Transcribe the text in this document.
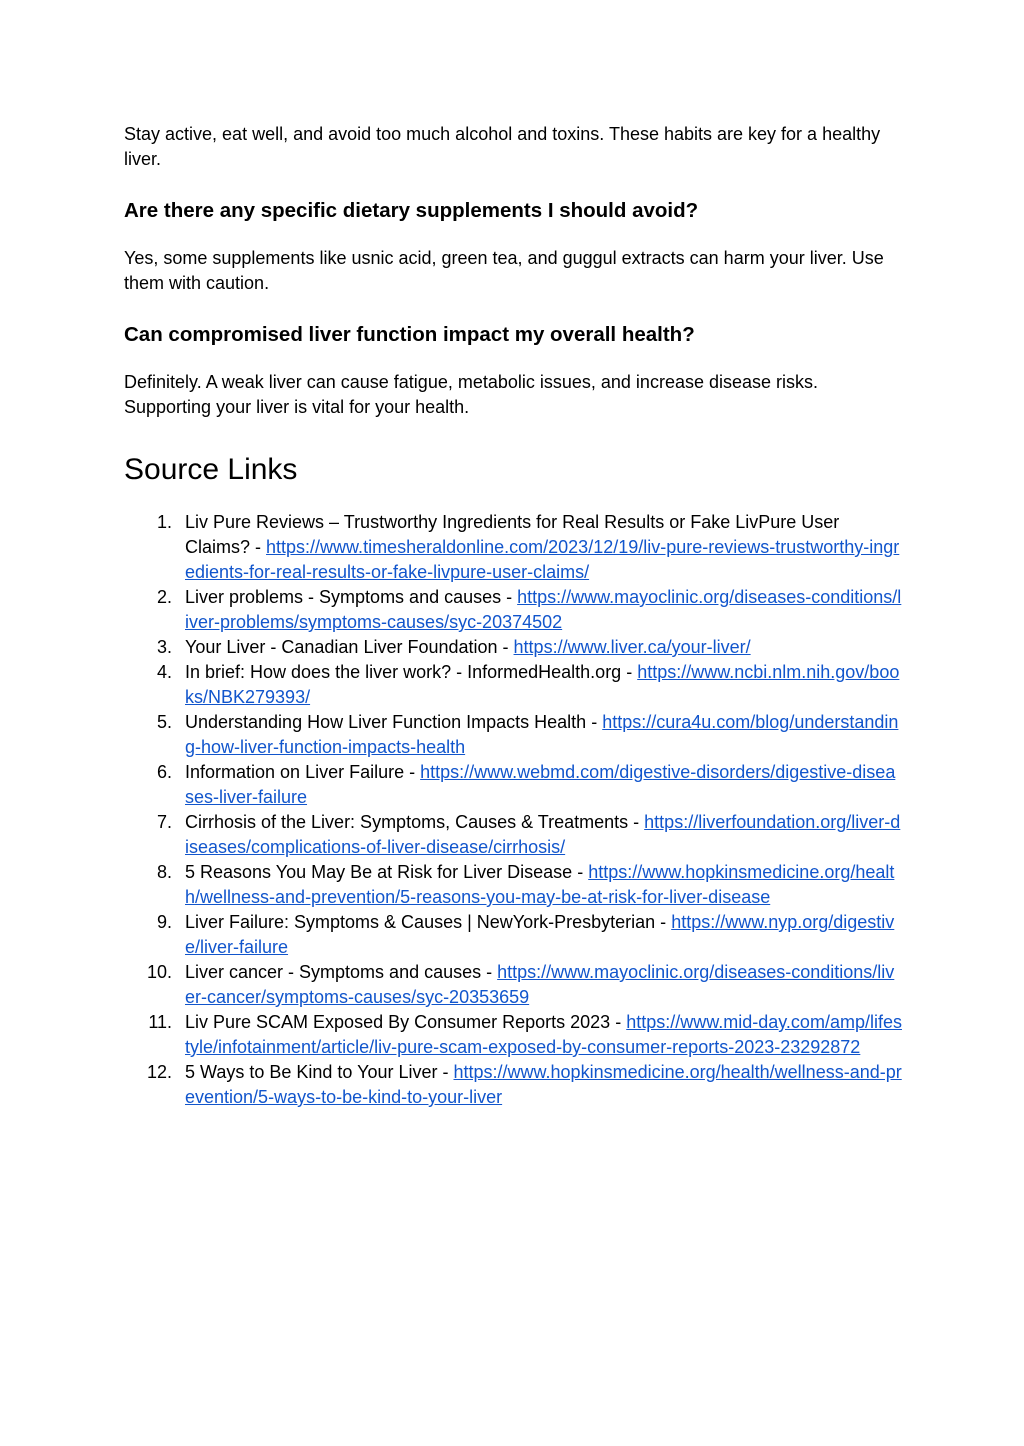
Stay active, eat well, and avoid too much alcohol and toxins. These habits are key for a healthy liver.

Are there any specific dietary supplements I should avoid?

Yes, some supplements like usnic acid, green tea, and guggul extracts can harm your liver. Use them with caution.

Can compromised liver function impact my overall health?

Definitely. A weak liver can cause fatigue, metabolic issues, and increase disease risks. Supporting your liver is vital for your health.

Source Links
1. Liv Pure Reviews – Trustworthy Ingredients for Real Results or Fake LivPure User Claims? - https://www.timesheraldonline.com/2023/12/19/liv-pure-reviews-trustworthy-ingredients-for-real-results-or-fake-livpure-user-claims/
2. Liver problems - Symptoms and causes - https://www.mayoclinic.org/diseases-conditions/liver-problems/symptoms-causes/syc-20374502
3. Your Liver - Canadian Liver Foundation - https://www.liver.ca/your-liver/
4. In brief: How does the liver work? - InformedHealth.org - https://www.ncbi.nlm.nih.gov/books/NBK279393/
5. Understanding How Liver Function Impacts Health - https://cura4u.com/blog/understanding-how-liver-function-impacts-health
6. Information on Liver Failure - https://www.webmd.com/digestive-disorders/digestive-diseases-liver-failure
7. Cirrhosis of the Liver: Symptoms, Causes & Treatments - https://liverfoundation.org/liver-diseases/complications-of-liver-disease/cirrhosis/
8. 5 Reasons You May Be at Risk for Liver Disease - https://www.hopkinsmedicine.org/health/wellness-and-prevention/5-reasons-you-may-be-at-risk-for-liver-disease
9. Liver Failure: Symptoms & Causes | NewYork-Presbyterian - https://www.nyp.org/digestive/liver-failure
10. Liver cancer - Symptoms and causes - https://www.mayoclinic.org/diseases-conditions/liver-cancer/symptoms-causes/syc-20353659
11. Liv Pure SCAM Exposed By Consumer Reports 2023 - https://www.mid-day.com/amp/lifestyle/infotainment/article/liv-pure-scam-exposed-by-consumer-reports-2023-23292872
12. 5 Ways to Be Kind to Your Liver - https://www.hopkinsmedicine.org/health/wellness-and-prevention/5-ways-to-be-kind-to-your-liver
